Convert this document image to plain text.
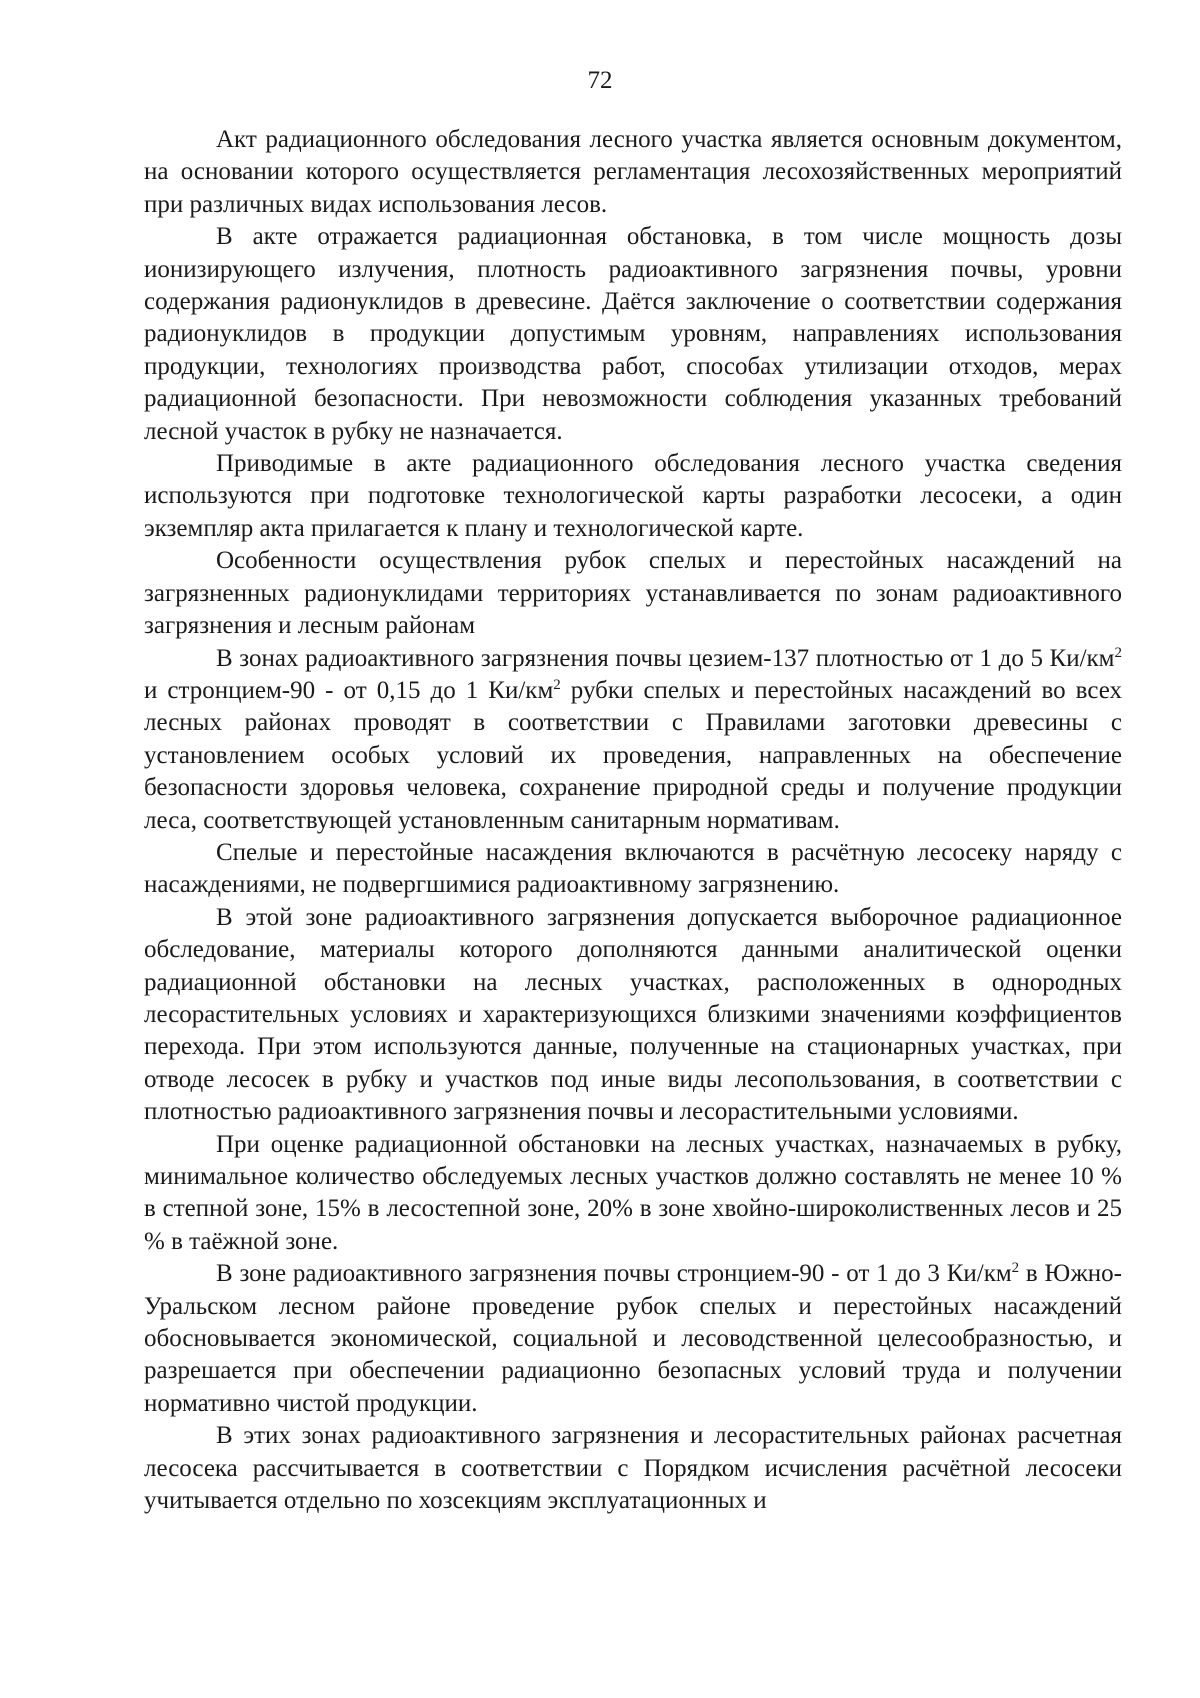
72

Акт радиационного обследования лесного участка является основным документом, на основании которого осуществляется регламентация лесохозяйственных мероприятий при различных видах использования лесов.

В акте отражается радиационная обстановка, в том числе мощность дозы ионизирующего излучения, плотность радиоактивного загрязнения почвы, уровни содержания радионуклидов в древесине. Даётся заключение о соответствии содержания радионуклидов в продукции допустимым уровням, направлениях использования продукции, технологиях производства работ, способах утилизации отходов, мерах радиационной безопасности. При невозможности соблюдения указанных требований лесной участок в рубку не назначается.

Приводимые в акте радиационного обследования лесного участка сведения используются при подготовке технологической карты разработки лесосеки, а один экземпляр акта прилагается к плану и технологической карте.

Особенности осуществления рубок спелых и перестойных насаждений на загрязненных радионуклидами территориях устанавливается по зонам радиоактивного загрязнения и лесным районам

В зонах радиоактивного загрязнения почвы цезием-137 плотностью от 1 до 5 $Ки/км^2$ и стронцием-90 - от 0,15 до 1 $Ки/км^2$ рубки спелых и перестойных насаждений во всех лесных районах проводят в соответствии с Правилами заготовки древесины с установлением особых условий их проведения, направленных на обеспечение безопасности здоровья человека, сохранение природной среды и получение продукции леса, соответствующей установленным санитарным нормативам.

Спелые и перестойные насаждения включаются в расчётную лесосеку наряду с насаждениями, не подвергшимися радиоактивному загрязнению.

В этой зоне радиоактивного загрязнения допускается выборочное радиационное обследование, материалы которого дополняются данными аналитической оценки радиационной обстановки на лесных участках, расположенных в однородных лесорастительных условиях и характеризующихся близкими значениями коэффициентов перехода. При этом используются данные, полученные на стационарных участках, при отводе лесосек в рубку и участков под иные виды лесопользования, в соответствии с плотностью радиоактивного загрязнения почвы и лесорастительными условиями.

При оценке радиационной обстановки на лесных участках, назначаемых в рубку, минимальное количество обследуемых лесных участков должно составлять не менее 10 % в степной зоне, 15% в лесостепной зоне, 20% в зоне хвойно-широколиственных лесов и 25 % в таёжной зоне.

В зоне радиоактивного загрязнения почвы стронцием-90 - от 1 до 3 $Ки/км^2$ в Южно-Уральском лесном районе проведение рубок спелых и перестойных насаждений обосновывается экономической, социальной и лесоводственной целесообразностью, и разрешается при обеспечении радиационно безопасных условий труда и получении нормативно чистой продукции.

В этих зонах радиоактивного загрязнения и лесорастительных районах расчетная лесосека рассчитывается в соответствии с Порядком исчисления расчётной лесосеки учитывается отдельно по хозсекциям эксплуатационных и
